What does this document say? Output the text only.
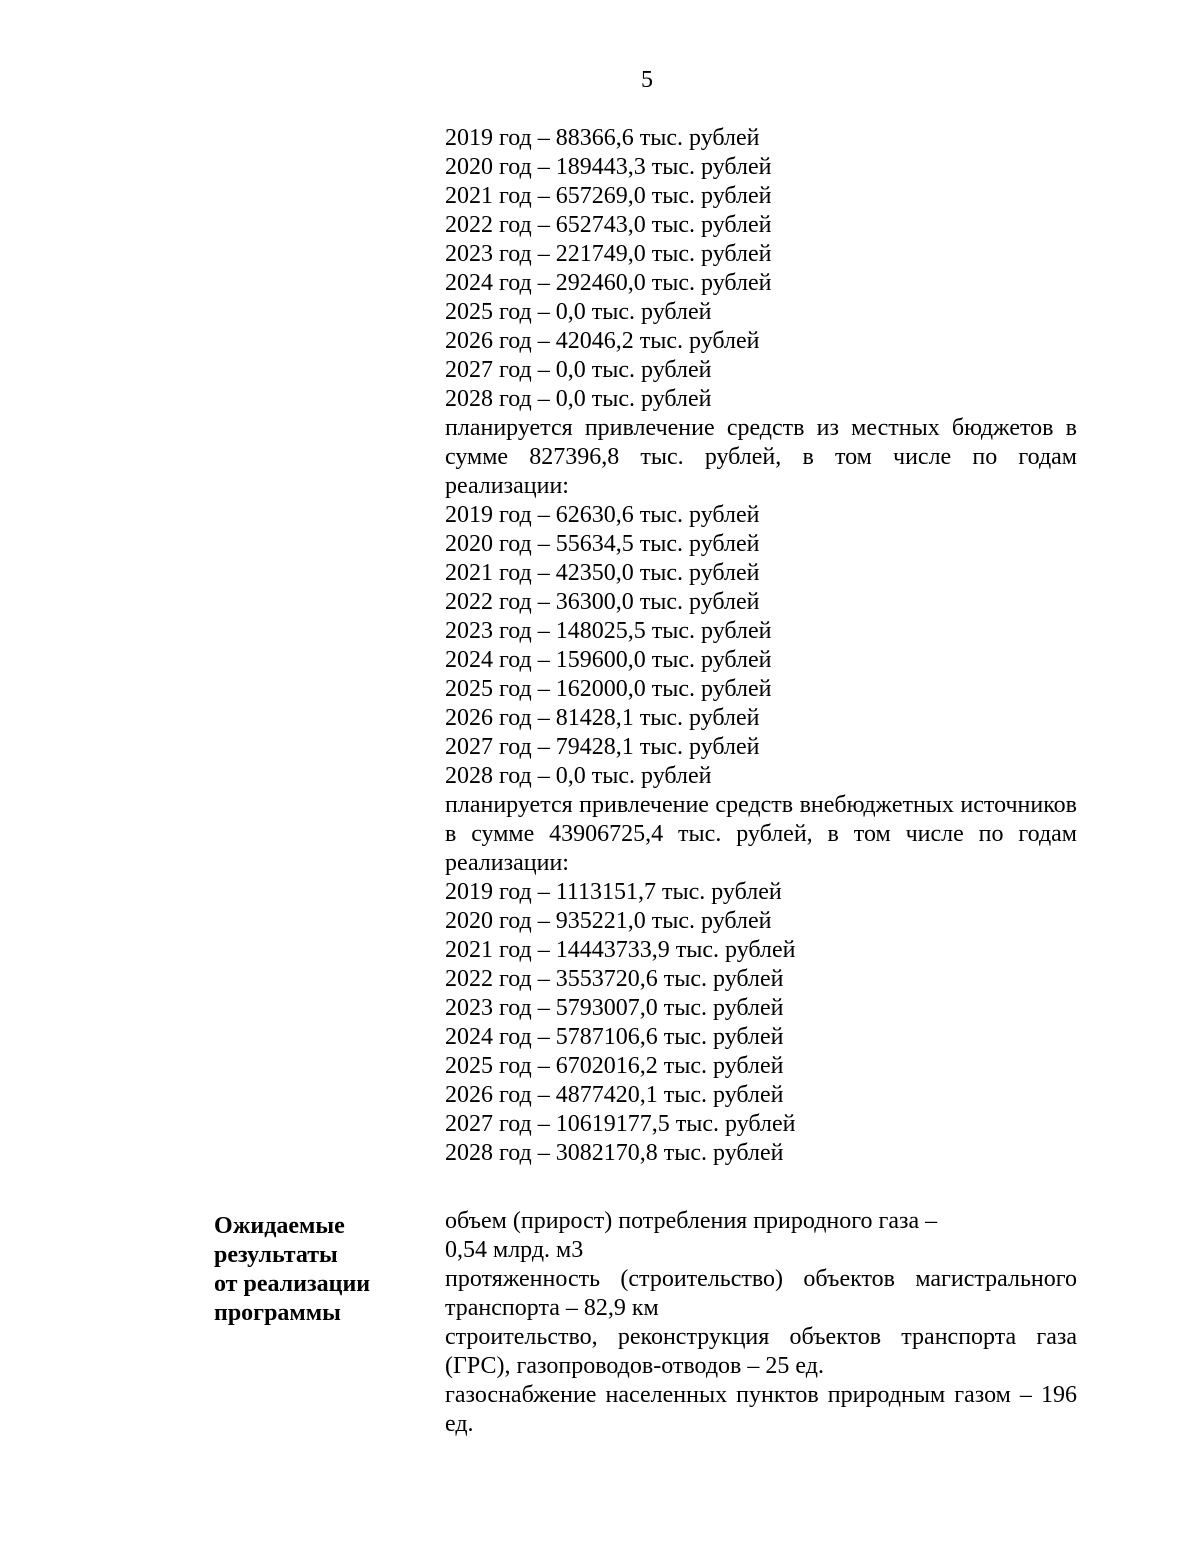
5
2019 год – 88366,6 тыс. рублей
2020 год – 189443,3 тыс. рублей
2021 год – 657269,0 тыс. рублей
2022 год – 652743,0 тыс. рублей
2023 год – 221749,0 тыс. рублей
2024 год – 292460,0 тыс. рублей
2025 год – 0,0 тыс. рублей
2026 год – 42046,2 тыс. рублей
2027 год – 0,0 тыс. рублей
2028 год – 0,0 тыс. рублей
планируется привлечение средств из местных бюджетов в сумме 827396,8 тыс. рублей, в том числе по годам реализации:
2019 год – 62630,6 тыс. рублей
2020 год – 55634,5 тыс. рублей
2021 год – 42350,0 тыс. рублей
2022 год – 36300,0 тыс. рублей
2023 год – 148025,5 тыс. рублей
2024 год – 159600,0 тыс. рублей
2025 год – 162000,0 тыс. рублей
2026 год – 81428,1 тыс. рублей
2027 год – 79428,1 тыс. рублей
2028 год – 0,0 тыс. рублей
планируется привлечение средств внебюджетных источников в сумме 43906725,4 тыс. рублей, в том числе по годам реализации:
2019 год – 1113151,7 тыс. рублей
2020 год – 935221,0 тыс. рублей
2021 год – 14443733,9 тыс. рублей
2022 год – 3553720,6 тыс. рублей
2023 год – 5793007,0 тыс. рублей
2024 год – 5787106,6 тыс. рублей
2025 год – 6702016,2 тыс. рублей
2026 год – 4877420,1 тыс. рублей
2027 год – 10619177,5 тыс. рублей
2028 год – 3082170,8 тыс. рублей
Ожидаемые
результаты
от реализации
программы
объем (прирост) потребления природного газа –
0,54 млрд. м3
протяженность (строительство) объектов магистрального транспорта – 82,9 км
строительство, реконструкция объектов транспорта газа (ГРС), газопроводов-отводов – 25 ед.
газоснабжение населенных пунктов природным газом – 196 ед.
